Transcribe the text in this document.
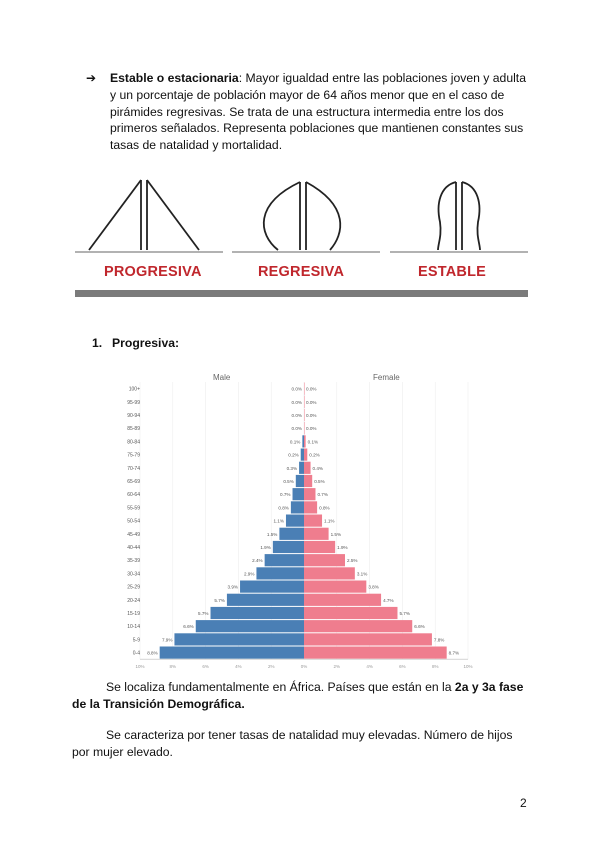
➔	Estable o estacionaria: Mayor igualdad entre las poblaciones joven y adulta
y un porcentaje de población mayor de 64 años menor que en el caso de
pirámides regresivas. Se trata de una estructura intermedia entre los dos
primeros señalados. Representa poblaciones que mantienen constantes sus
tasas de natalidad y mortalidad.
PROGRESIVA	REGRESIVA	ESTABLE
1. Progresiva:
Male	Female
10%	8%	6%	4%	2%	0%	2%	4%	6%	8%	10%
0-4 8.8%	8.7%
5-9	7.9%	7.8%
10-14	6.6%	6.6%
15-19	5.7%	5.7%
20-24	5.7%	4.7%
25-29	3.9%	3.8%
30-34	2.9%	3.1%
35-39	2.4%	2.5%
40-44	1.9%	1.9%
45-49	1.5%	1.5%
50-54	1.1%	1.1%
55-59	0.8%	0.8%
60-64	0.7%	0.7%
65-69	0.5%	0.5%
70-74	0.3%	0.4%
75-79	0.2% 0.2%
80-84	0.1% 0.1%
85-89	0.0% 0.0%
90-94	0.0% 0.0%
95-99	0.0% 0.0%
100+	0.0% 0.0%
Se localiza fundamentalmente en África. Países que están en la 2a y 3a fase
de la Transición Demográfica.
Se caracteriza por tener tasas de natalidad muy elevadas. Número de hijos
por mujer elevado.
2
